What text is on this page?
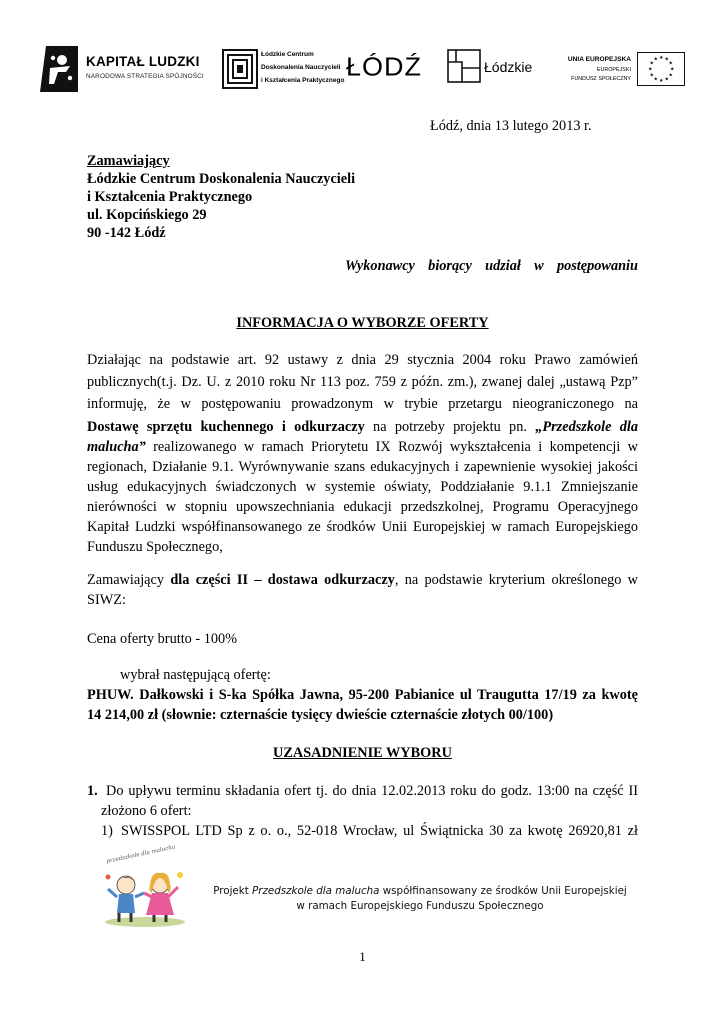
KAPITAŁ LUDZKI
NARODOWA STRATEGIA SPÓJNOŚCI
Łódzkie Centrum
Doskonalenia Nauczycieli
i Kształcenia Praktycznego ŁÓDŹ	Łódzkie	UNIA EUROPEJSKA
EUROPEJSKI
FUNDUSZ SPOŁECZNY
★ ★
★
★
★
★
★
★
★
★
★
★
Łódź, dnia 13 lutego 2013 r.
Zamawiający
Łódzkie Centrum Doskonalenia Nauczycieli
i Kształcenia Praktycznego
ul. Kopcińskiego 29
90 -142 Łódź
Wykonawcy biorący udział w postępowaniu
INFORMACJA O WYBORZE OFERTY
Działając na podstawie art. 92 ustawy z dnia 29 stycznia 2004 roku Prawo zamówień
publicznych(t.j. Dz. U. z 2010 roku Nr 113 poz. 759 z późn. zm.), zwanej dalej „ustawą Pzp”
informuję, że w postępowaniu prowadzonym w trybie przetargu nieograniczonego na
Dostawę sprzętu kuchennego i odkurzaczy na potrzeby projektu pn. „Przedszkole dla
malucha” realizowanego w ramach Priorytetu IX Rozwój wykształcenia i kompetencji w
regionach, Działanie 9.1. Wyrównywanie szans edukacyjnych i zapewnienie wysokiej jakości
usług edukacyjnych świadczonych w systemie oświaty, Poddziałanie 9.1.1 Zmniejszanie
nierówności w stopniu upowszechniania edukacji przedszkolnej, Programu Operacyjnego
Kapitał Ludzki współfinansowanego ze środków Unii Europejskiej w ramach Europejskiego
Funduszu Społecznego,
Zamawiający dla części II – dostawa odkurzaczy, na podstawie kryterium określonego w
SIWZ:
Cena oferty brutto - 100%
wybrał następującą ofertę:
PHUW. Dałkowski i S-ka Spółka Jawna, 95-200 Pabianice ul Traugutta 17/19 za kwotę
14 214,00 zł (słownie: czternaście tysięcy dwieście czternaście złotych 00/100)
UZASADNIENIE WYBORU
1. Do upływu terminu składania ofert tj. do dnia 12.02.2013 roku do godz. 13:00 na część II
złożono 6 ofert:
1) SWISSPOL LTD Sp z o. o., 52-018 Wrocław, ul Świątnicka 30 za kwotę 26920,81 zł
przedszkole dla malucha
Projekt Przedszkole dla malucha współfinansowany ze środków Unii Europejskiej
w ramach Europejskiego Funduszu Społecznego
1
